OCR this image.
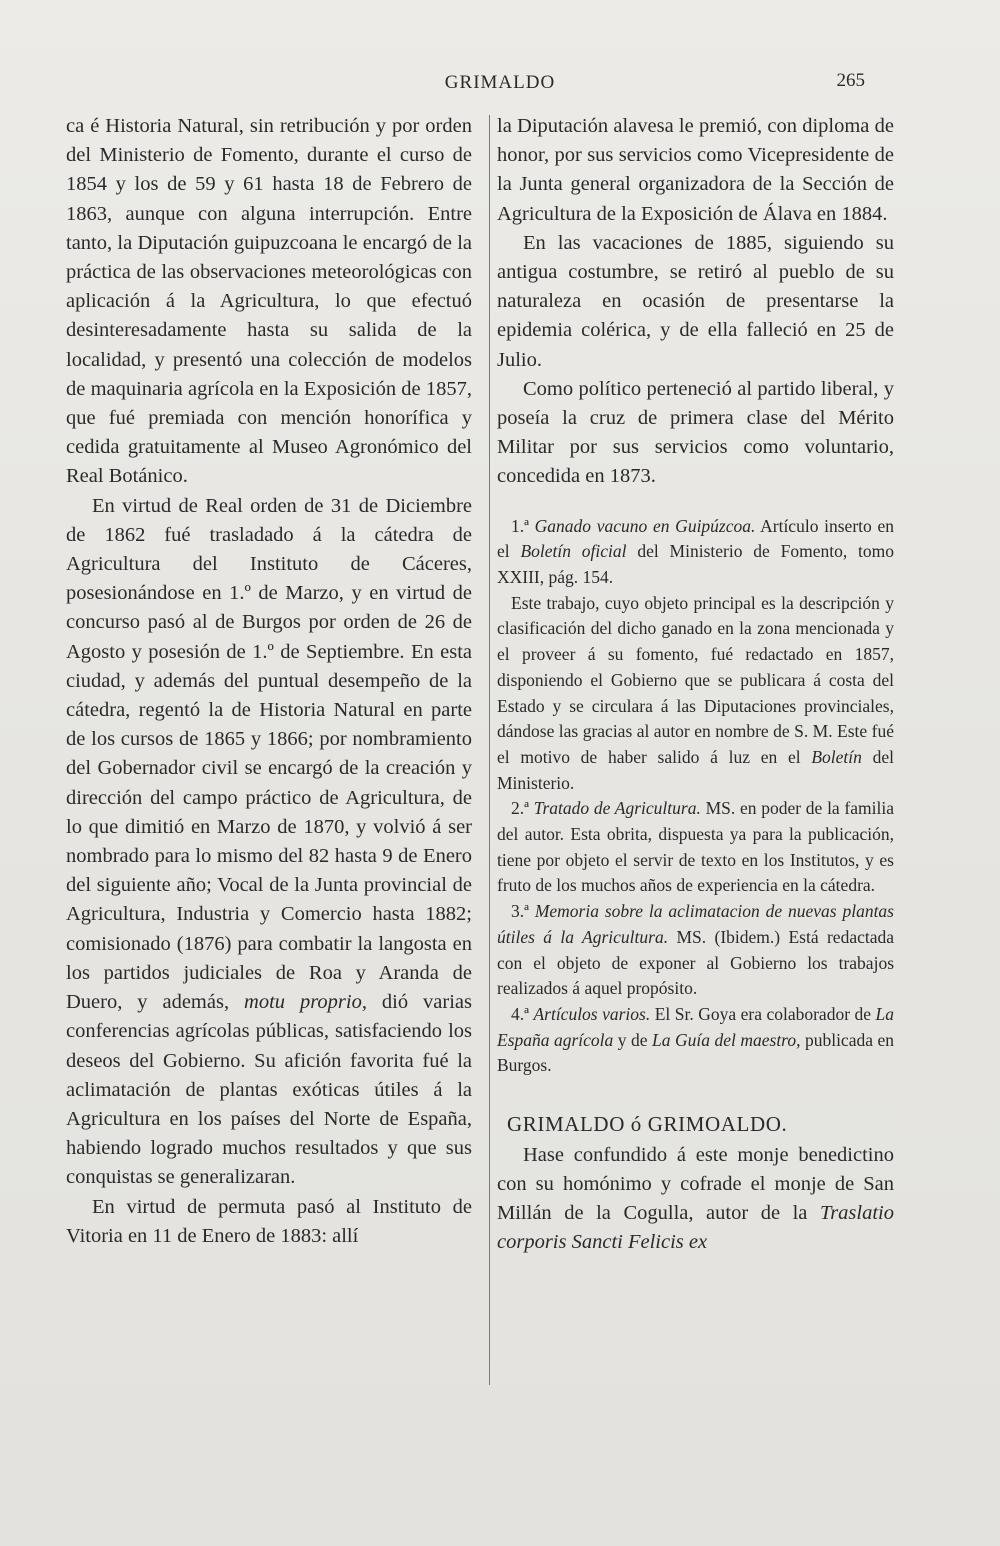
GRIMALDO	265

ca é Historia Natural, sin retribución y por orden del Ministerio de Fomento, durante el curso de 1854 y los de 59 y 61 hasta 18 de Febrero de 1863, aunque con alguna interrupción. Entre tanto, la Diputación guipuzcoana le encargó de la práctica de las observaciones meteorológicas con aplicación á la Agricultura, lo que efectuó desinteresadamente hasta su salida de la localidad, y presentó una colección de modelos de maquinaria agrícola en la Exposición de 1857, que fué premiada con mención honorífica y cedida gratuitamente al Museo Agronómico del Real Botánico.

En virtud de Real orden de 31 de Diciembre de 1862 fué trasladado á la cátedra de Agricultura del Instituto de Cáceres, posesionándose en 1.º de Marzo, y en virtud de concurso pasó al de Burgos por orden de 26 de Agosto y posesión de 1.º de Septiembre. En esta ciudad, y además del puntual desempeño de la cátedra, regentó la de Historia Natural en parte de los cursos de 1865 y 1866; por nombramiento del Gobernador civil se encargó de la creación y dirección del campo práctico de Agricultura, de lo que dimitió en Marzo de 1870, y volvió á ser nombrado para lo mismo del 82 hasta 9 de Enero del siguiente año; Vocal de la Junta provincial de Agricultura, Industria y Comercio hasta 1882; comisionado (1876) para combatir la langosta en los partidos judiciales de Roa y Aranda de Duero, y además, motu proprio, dió varias conferencias agrícolas públicas, satisfaciendo los deseos del Gobierno. Su afición favorita fué la aclimatación de plantas exóticas útiles á la Agricultura en los países del Norte de España, habiendo logrado muchos resultados y que sus conquistas se generalizaran.

En virtud de permuta pasó al Instituto de Vitoria en 11 de Enero de 1883: allí

la Diputación alavesa le premió, con diploma de honor, por sus servicios como Vicepresidente de la Junta general organizadora de la Sección de Agricultura de la Exposición de Álava en 1884.

En las vacaciones de 1885, siguiendo su antigua costumbre, se retiró al pueblo de su naturaleza en ocasión de presentarse la epidemia colérica, y de ella falleció en 25 de Julio.

Como político perteneció al partido liberal, y poseía la cruz de primera clase del Mérito Militar por sus servicios como voluntario, concedida en 1873.

1.ª Ganado vacuno en Guipúzcoa. Artículo inserto en el Boletín oficial del Ministerio de Fomento, tomo XXIII, pág. 154.

Este trabajo, cuyo objeto principal es la descripción y clasificación del dicho ganado en la zona mencionada y el proveer á su fomento, fué redactado en 1857, disponiendo el Gobierno que se publicara á costa del Estado y se circulara á las Diputaciones provinciales, dándose las gracias al autor en nombre de S. M. Este fué el motivo de haber salido á luz en el Boletín del Ministerio.

2.ª Tratado de Agricultura. MS. en poder de la familia del autor. Esta obrita, dispuesta ya para la publicación, tiene por objeto el servir de texto en los Institutos, y es fruto de los muchos años de experiencia en la cátedra.

3.ª Memoria sobre la aclimatacion de nuevas plantas útiles á la Agricultura. MS. (Ibidem.) Está redactada con el objeto de exponer al Gobierno los trabajos realizados á aquel propósito.

4.ª Artículos varios. El Sr. Goya era colaborador de La España agrícola y de La Guía del maestro, publicada en Burgos.

GRIMALDO ó GRIMOALDO.

Hase confundido á este monje benedictino con su homónimo y cofrade el monje de San Millán de la Cogulla, autor de la Traslatio corporis Sancti Felicis ex
